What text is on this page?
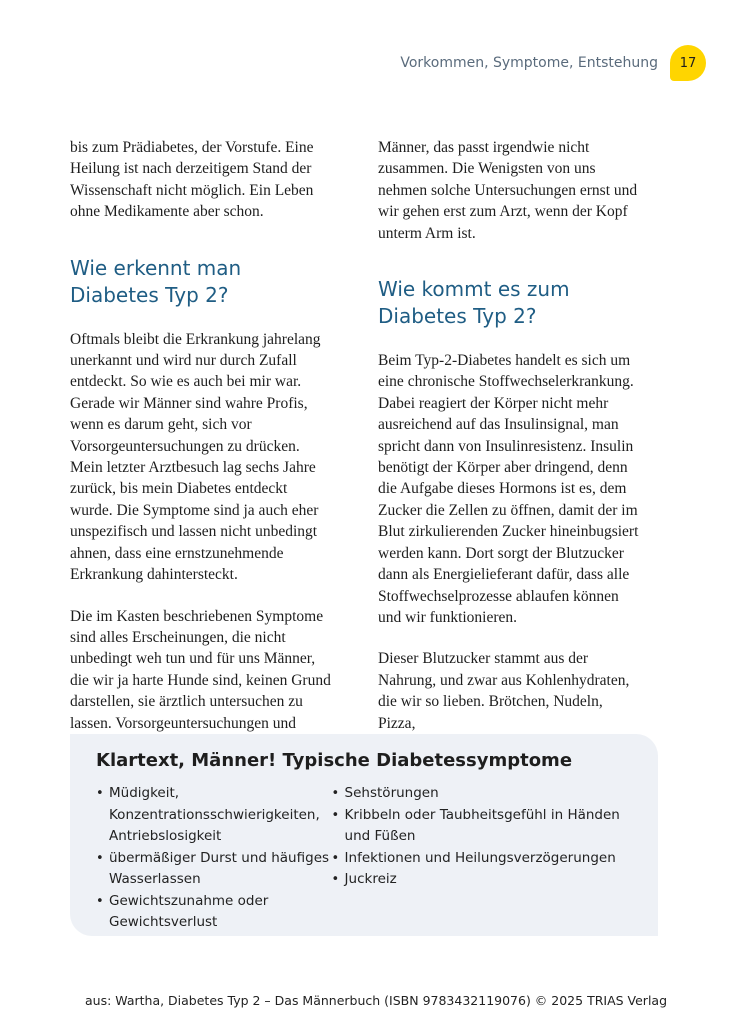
Vorkommen, Symptome, Entstehung 17

bis zum Prädiabetes, der Vorstufe. Eine Heilung ist nach derzeitigem Stand der Wissenschaft nicht möglich. Ein Leben ohne Medikamente aber schon.

Wie erkennt man Diabetes Typ 2?

Oftmals bleibt die Erkrankung jahrelang unerkannt und wird nur durch Zufall entdeckt. So wie es auch bei mir war. Gerade wir Männer sind wahre Profis, wenn es darum geht, sich vor Vorsorgeuntersuchungen zu drücken. Mein letzter Arztbesuch lag sechs Jahre zurück, bis mein Diabetes entdeckt wurde. Die Symptome sind ja auch eher unspezifisch und lassen nicht unbedingt ahnen, dass eine ernstzunehmende Erkrankung dahintersteckt.

Die im Kasten beschriebenen Symptome sind alles Erscheinungen, die nicht unbedingt weh tun und für uns Männer, die wir ja harte Hunde sind, keinen Grund darstellen, sie ärztlich untersuchen zu lassen. Vorsorgeuntersuchungen und

Männer, das passt irgendwie nicht zusammen. Die Wenigsten von uns nehmen solche Untersuchungen ernst und wir gehen erst zum Arzt, wenn der Kopf unterm Arm ist.

Wie kommt es zum Diabetes Typ 2?

Beim Typ-2-Diabetes handelt es sich um eine chronische Stoffwechselerkrankung. Dabei reagiert der Körper nicht mehr ausreichend auf das Insulinsignal, man spricht dann von Insulinresistenz. Insulin benötigt der Körper aber dringend, denn die Aufgabe dieses Hormons ist es, dem Zucker die Zellen zu öffnen, damit der im Blut zirkulierenden Zucker hineinbugsiert werden kann. Dort sorgt der Blutzucker dann als Energielieferant dafür, dass alle Stoffwechselprozesse ablaufen können und wir funktionieren.

Dieser Blutzucker stammt aus der Nahrung, und zwar aus Kohlenhydraten, die wir so lieben. Brötchen, Nudeln, Pizza,

Klartext, Männer! Typische Diabetessymptome
• Müdigkeit, Konzentrationsschwierigkeiten, Antriebslosigkeit
• übermäßiger Durst und häufiges Wasserlassen
• Gewichtszunahme oder Gewichtsverlust
• Sehstörungen
• Kribbeln oder Taubheitsgefühl in Händen und Füßen
• Infektionen und Heilungsverzögerungen
• Juckreiz
aus: Wartha, Diabetes Typ 2 – Das Männerbuch (ISBN 9783432119076) © 2025 TRIAS Verlag
